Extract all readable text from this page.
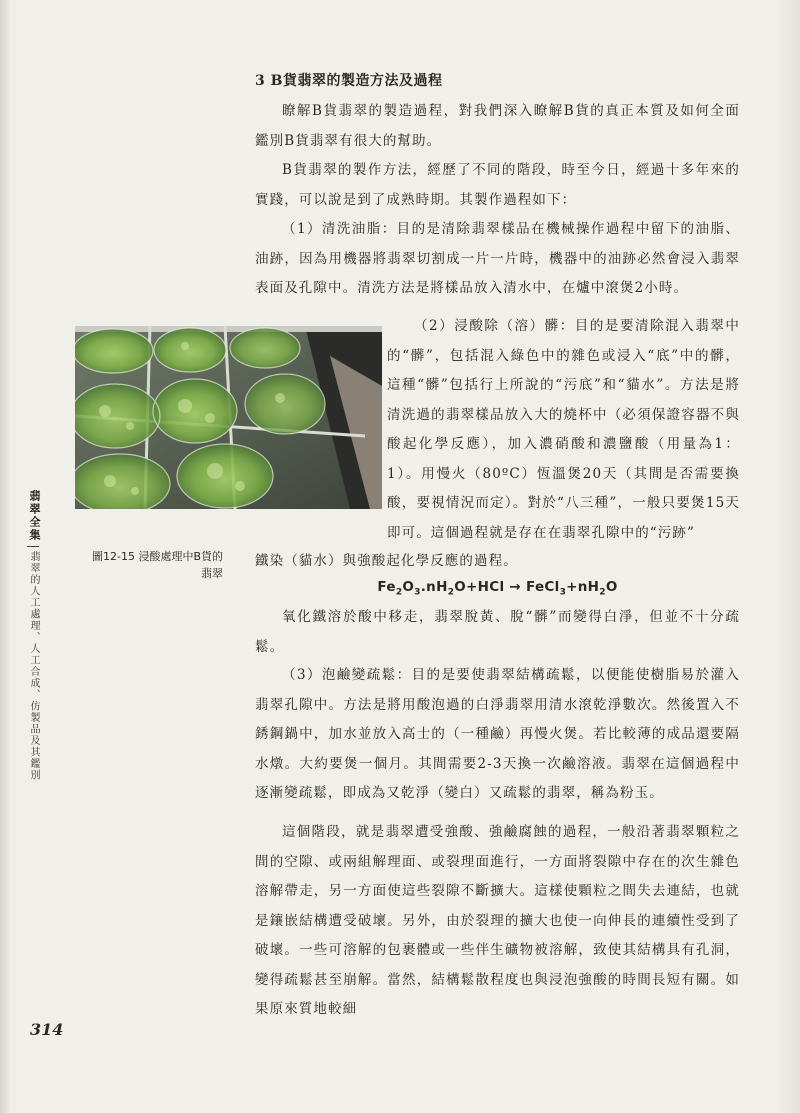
3 B貨翡翠的製造方法及過程

瞭解B貨翡翠的製造過程，對我們深入瞭解B貨的真正本質及如何全面鑑別B貨翡翠有很大的幫助。

B貨翡翠的製作方法，經歷了不同的階段，時至今日，經過十多年來的實踐，可以說是到了成熟時期。其製作過程如下：

（1）清洗油脂：目的是清除翡翠樣品在機械操作過程中留下的油脂、油跡，因為用機器將翡翠切割成一片一片時，機器中的油跡必然會浸入翡翠表面及孔隙中。清洗方法是將樣品放入清水中，在爐中滾煲2小時。

（2）浸酸除（溶）髒：目的是要清除混入翡翠中的“髒”，包括混入綠色中的雜色或浸入“底”中的髒，這種“髒”包括行上所說的“污底”和“貓水”。方法是將清洗過的翡翠樣品放入大的燒杯中（必須保證容器不與酸起化學反應），加入濃硝酸和濃鹽酸（用量為1：1）。用慢火（80ºC）恆溫煲20天（其間是否需要換酸，要視情況而定）。對於“八三種”，一般只要煲15天即可。這個過程就是存在在翡翠孔隙中的“污跡”

鐵染（貓水）與強酸起化學反應的過程。

$Fe_2O_3.nH_2O+HCl$ → $FeCl_3+nH_2O$

氧化鐵溶於酸中移走，翡翠脫黃、脫“髒”而變得白淨，但並不十分疏鬆。

（3）泡鹼變疏鬆：目的是要使翡翠結構疏鬆，以便能使樹脂易於灌入翡翠孔隙中。方法是將用酸泡過的白淨翡翠用清水滾乾淨數次。然後置入不銹鋼鍋中，加水並放入高士的（一種鹼）再慢火煲。若比較薄的成品還要隔水燉。大約要煲一個月。其間需要2-3天換一次鹼溶液。翡翠在這個過程中逐漸變疏鬆，即成為又乾淨（變白）又疏鬆的翡翠，稱為粉玉。

這個階段，就是翡翠遭受強酸、強鹼腐蝕的過程，一般沿著翡翠顆粒之間的空隙、或兩組解理面、或裂理面進行，一方面將裂隙中存在的次生雜色溶解帶走，另一方面使這些裂隙不斷擴大。這樣使顆粒之間失去連結，也就是鑲嵌結構遭受破壞。另外，由於裂理的擴大也使一向伸長的連續性受到了破壞。一些可溶解的包裹體或一些伴生礦物被溶解，致使其結構具有孔洞，變得疏鬆甚至崩解。當然，結構鬆散程度也與浸泡強酸的時間長短有關。如果原來質地較細

圖12-15 浸酸處理中B貨的
翡翠
翡翠全集
翡翠的人工處理、人工合成、仿製品及其鑑別
314
